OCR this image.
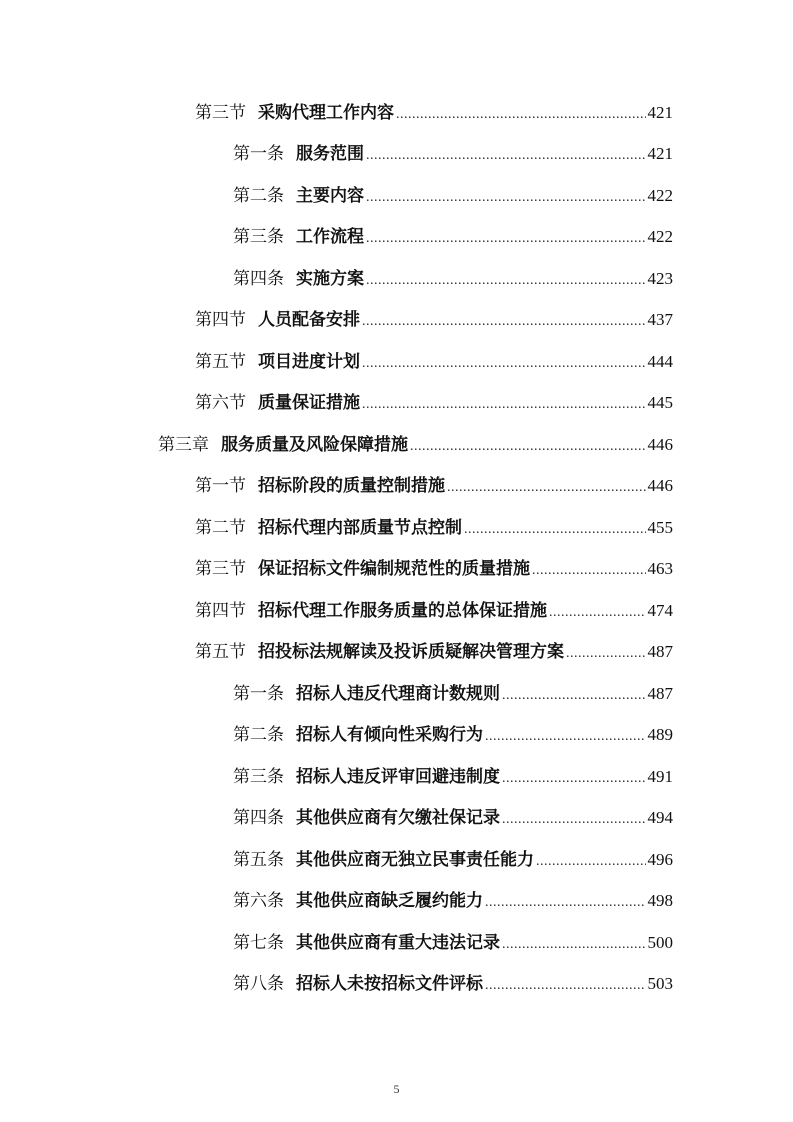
第三节 采购代理工作内容 .....	421
第一条 服务范围 .....	421
第二条 主要内容 .....	422
第三条 工作流程 .....	422
第四条 实施方案 .....	423
第四节 人员配备安排 .....	437
第五节 项目进度计划 .....	444
第六节 质量保证措施 .....	445
第三章 服务质量及风险保障措施 .....	446
第一节 招标阶段的质量控制措施 .....	446
第二节 招标代理内部质量节点控制 .....	455
第三节 保证招标文件编制规范性的质量措施 .....	463
第四节 招标代理工作服务质量的总体保证措施 .....	474
第五节 招投标法规解读及投诉质疑解决管理方案 .....	487
第一条 招标人违反代理商计数规则 .....	487
第二条 招标人有倾向性采购行为 .....	489
第三条 招标人违反评审回避违制度 .....	491
第四条 其他供应商有欠缴社保记录 .....	494
第五条 其他供应商无独立民事责任能力 .....	496
第六条 其他供应商缺乏履约能力 .....	498
第七条 其他供应商有重大违法记录 .....	500
第八条 招标人未按招标文件评标 .....	503
5
